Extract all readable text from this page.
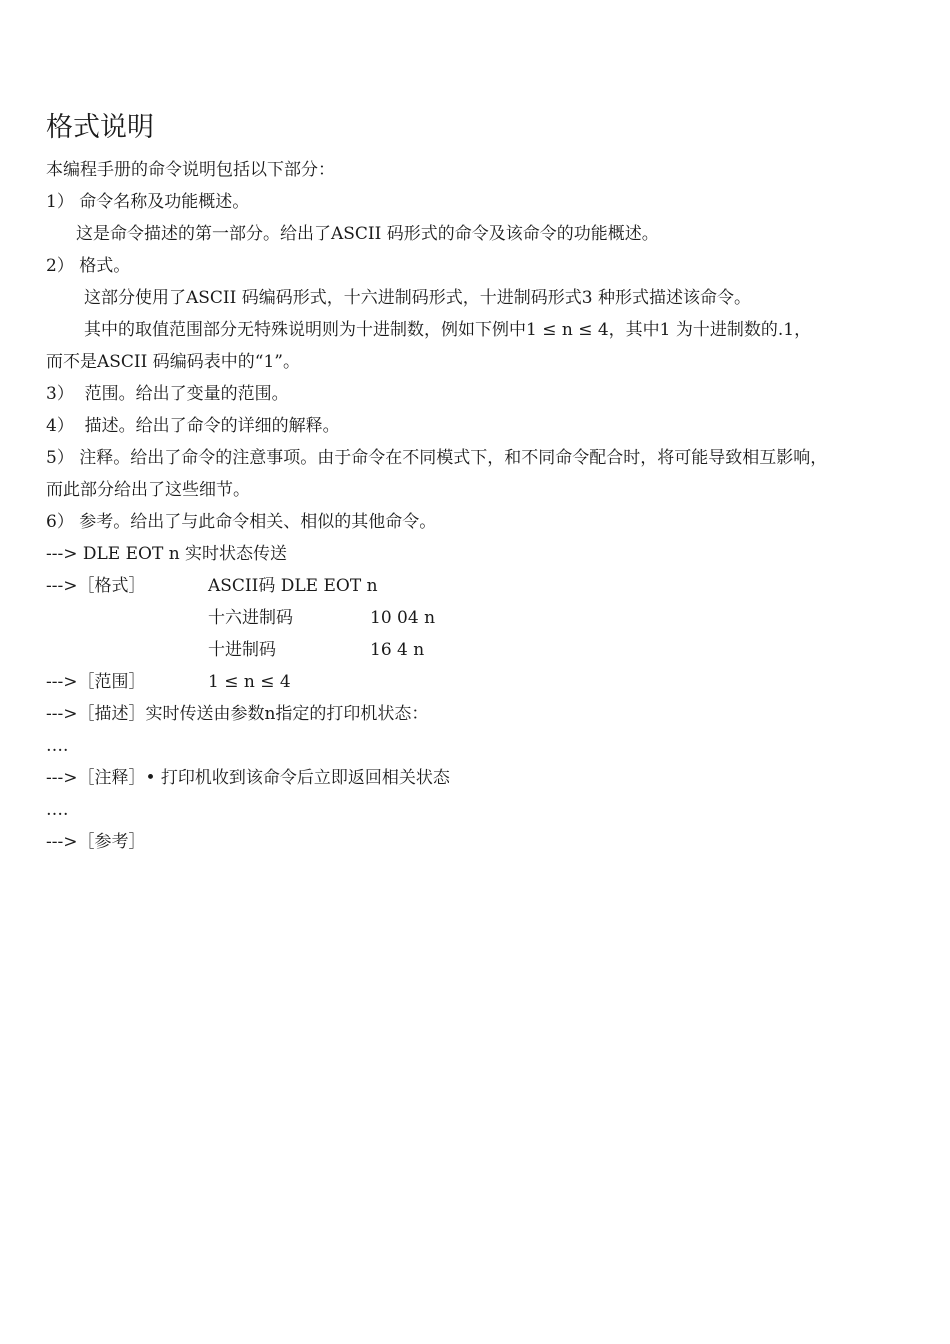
格式说明
本编程手册的命令说明包括以下部分：
1） 命令名称及功能概述。
这是命令描述的第一部分。给出了ASCII 码形式的命令及该命令的功能概述。
2） 格式。
这部分使用了ASCII 码编码形式，十六进制码形式，十进制码形式3 种形式描述该命令。
其中的取值范围部分无特殊说明则为十进制数，例如下例中1 ≤ n ≤ 4，其中1 为十进制数的.1，
而不是ASCII 码编码表中的“1”。
3）  范围。给出了变量的范围。
4）  描述。给出了命令的详细的解释。
5） 注释。给出了命令的注意事项。由于命令在不同模式下，和不同命令配合时，将可能导致相互影响，
而此部分给出了这些细节。
6） 参考。给出了与此命令相关、相似的其他命令。
---> DLE EOT n 实时状态传送
--->［格式］	ASCII码 DLE EOT n
十六进制码	10 04 n
十进制码	16 4 n
--->［范围］	1 ≤ n ≤ 4
--->［描述］实时传送由参数n指定的打印机状态：
….
--->［注释］• 打印机收到该命令后立即返回相关状态
….
--->［参考］
